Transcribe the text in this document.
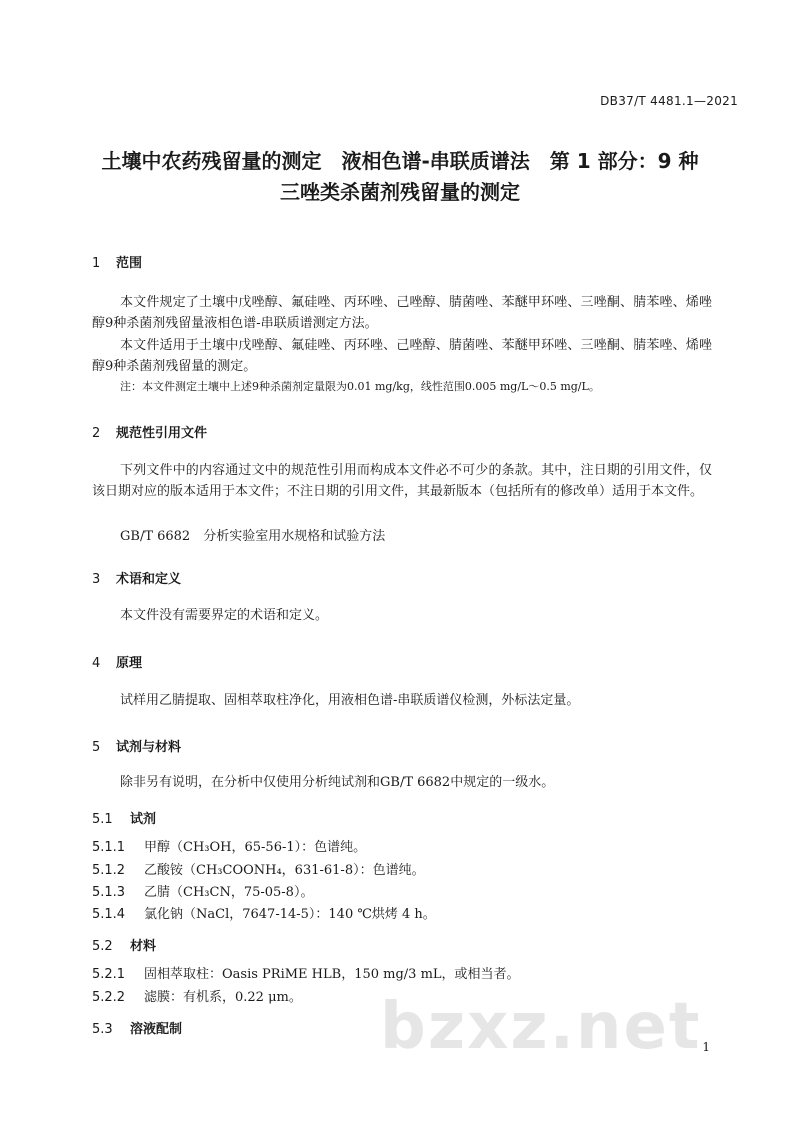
DB37/T 4481.1—2021
土壤中农药残留量的测定　液相色谱-串联质谱法　第 1 部分：9 种
三唑类杀菌剂残留量的测定
1 范围
本文件规定了土壤中戊唑醇、氟硅唑、丙环唑、己唑醇、腈菌唑、苯醚甲环唑、三唑酮、腈苯唑、烯唑醇9种杀菌剂残留量液相色谱-串联质谱测定方法。
本文件适用于土壤中戊唑醇、氟硅唑、丙环唑、己唑醇、腈菌唑、苯醚甲环唑、三唑酮、腈苯唑、烯唑醇9种杀菌剂残留量的测定。
注：本文件测定土壤中上述9种杀菌剂定量限为0.01 mg/kg，线性范围0.005 mg/L～0.5 mg/L。
2 规范性引用文件
下列文件中的内容通过文中的规范性引用而构成本文件必不可少的条款。其中，注日期的引用文件，仅该日期对应的版本适用于本文件；不注日期的引用文件，其最新版本（包括所有的修改单）适用于本文件。
GB/T 6682　分析实验室用水规格和试验方法
3 术语和定义
本文件没有需要界定的术语和定义。
4 原理
试样用乙腈提取、固相萃取柱净化，用液相色谱-串联质谱仪检测，外标法定量。
5 试剂与材料
除非另有说明，在分析中仅使用分析纯试剂和GB/T 6682中规定的一级水。
5.1 试剂
5.1.1 甲醇（CH₃OH，65-56-1）：色谱纯。
5.1.2 乙酸铵（CH₃COONH₄，631-61-8）：色谱纯。
5.1.3 乙腈（CH₃CN，75-05-8）。
5.1.4 氯化钠（NaCl，7647-14-5）：140 ℃烘烤 4 h。
5.2 材料
5.2.1 固相萃取柱：Oasis PRiME HLB，150 mg/3 mL，或相当者。
5.2.2 滤膜：有机系，0.22 μm。
5.3 溶液配制	bzxz.net 1
